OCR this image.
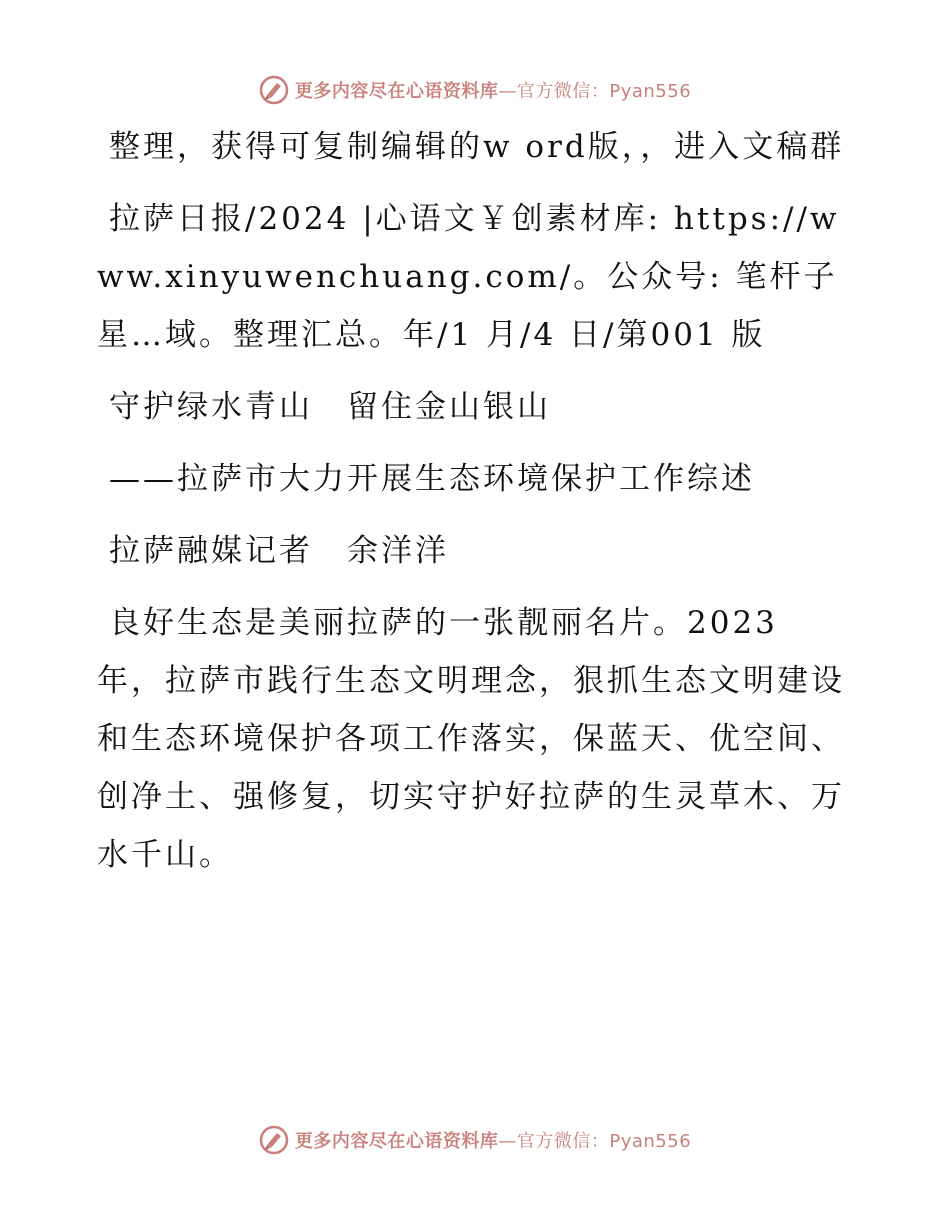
更多内容尽在心语资料库—官方微信：Pyan556

整理，获得可复制编辑的w ord版，，进入文稿群

拉萨日报/2024 |心语文￥创素材库: https://www.xinyuwenchuang.com/。公众号: 笔杆子星…域。整理汇总。年/1 月/4 日/第001 版

守护绿水青山　留住金山银山

——拉萨市大力开展生态环境保护工作综述

拉萨融媒记者　余洋洋

良好生态是美丽拉萨的一张靓丽名片。2023 年，拉萨市践行生态文明理念，狠抓生态文明建设和生态环境保护各项工作落实，保蓝天、优空间、创净土、强修复，切实守护好拉萨的生灵草木、万水千山。

更多内容尽在心语资料库—官方微信：Pyan556
